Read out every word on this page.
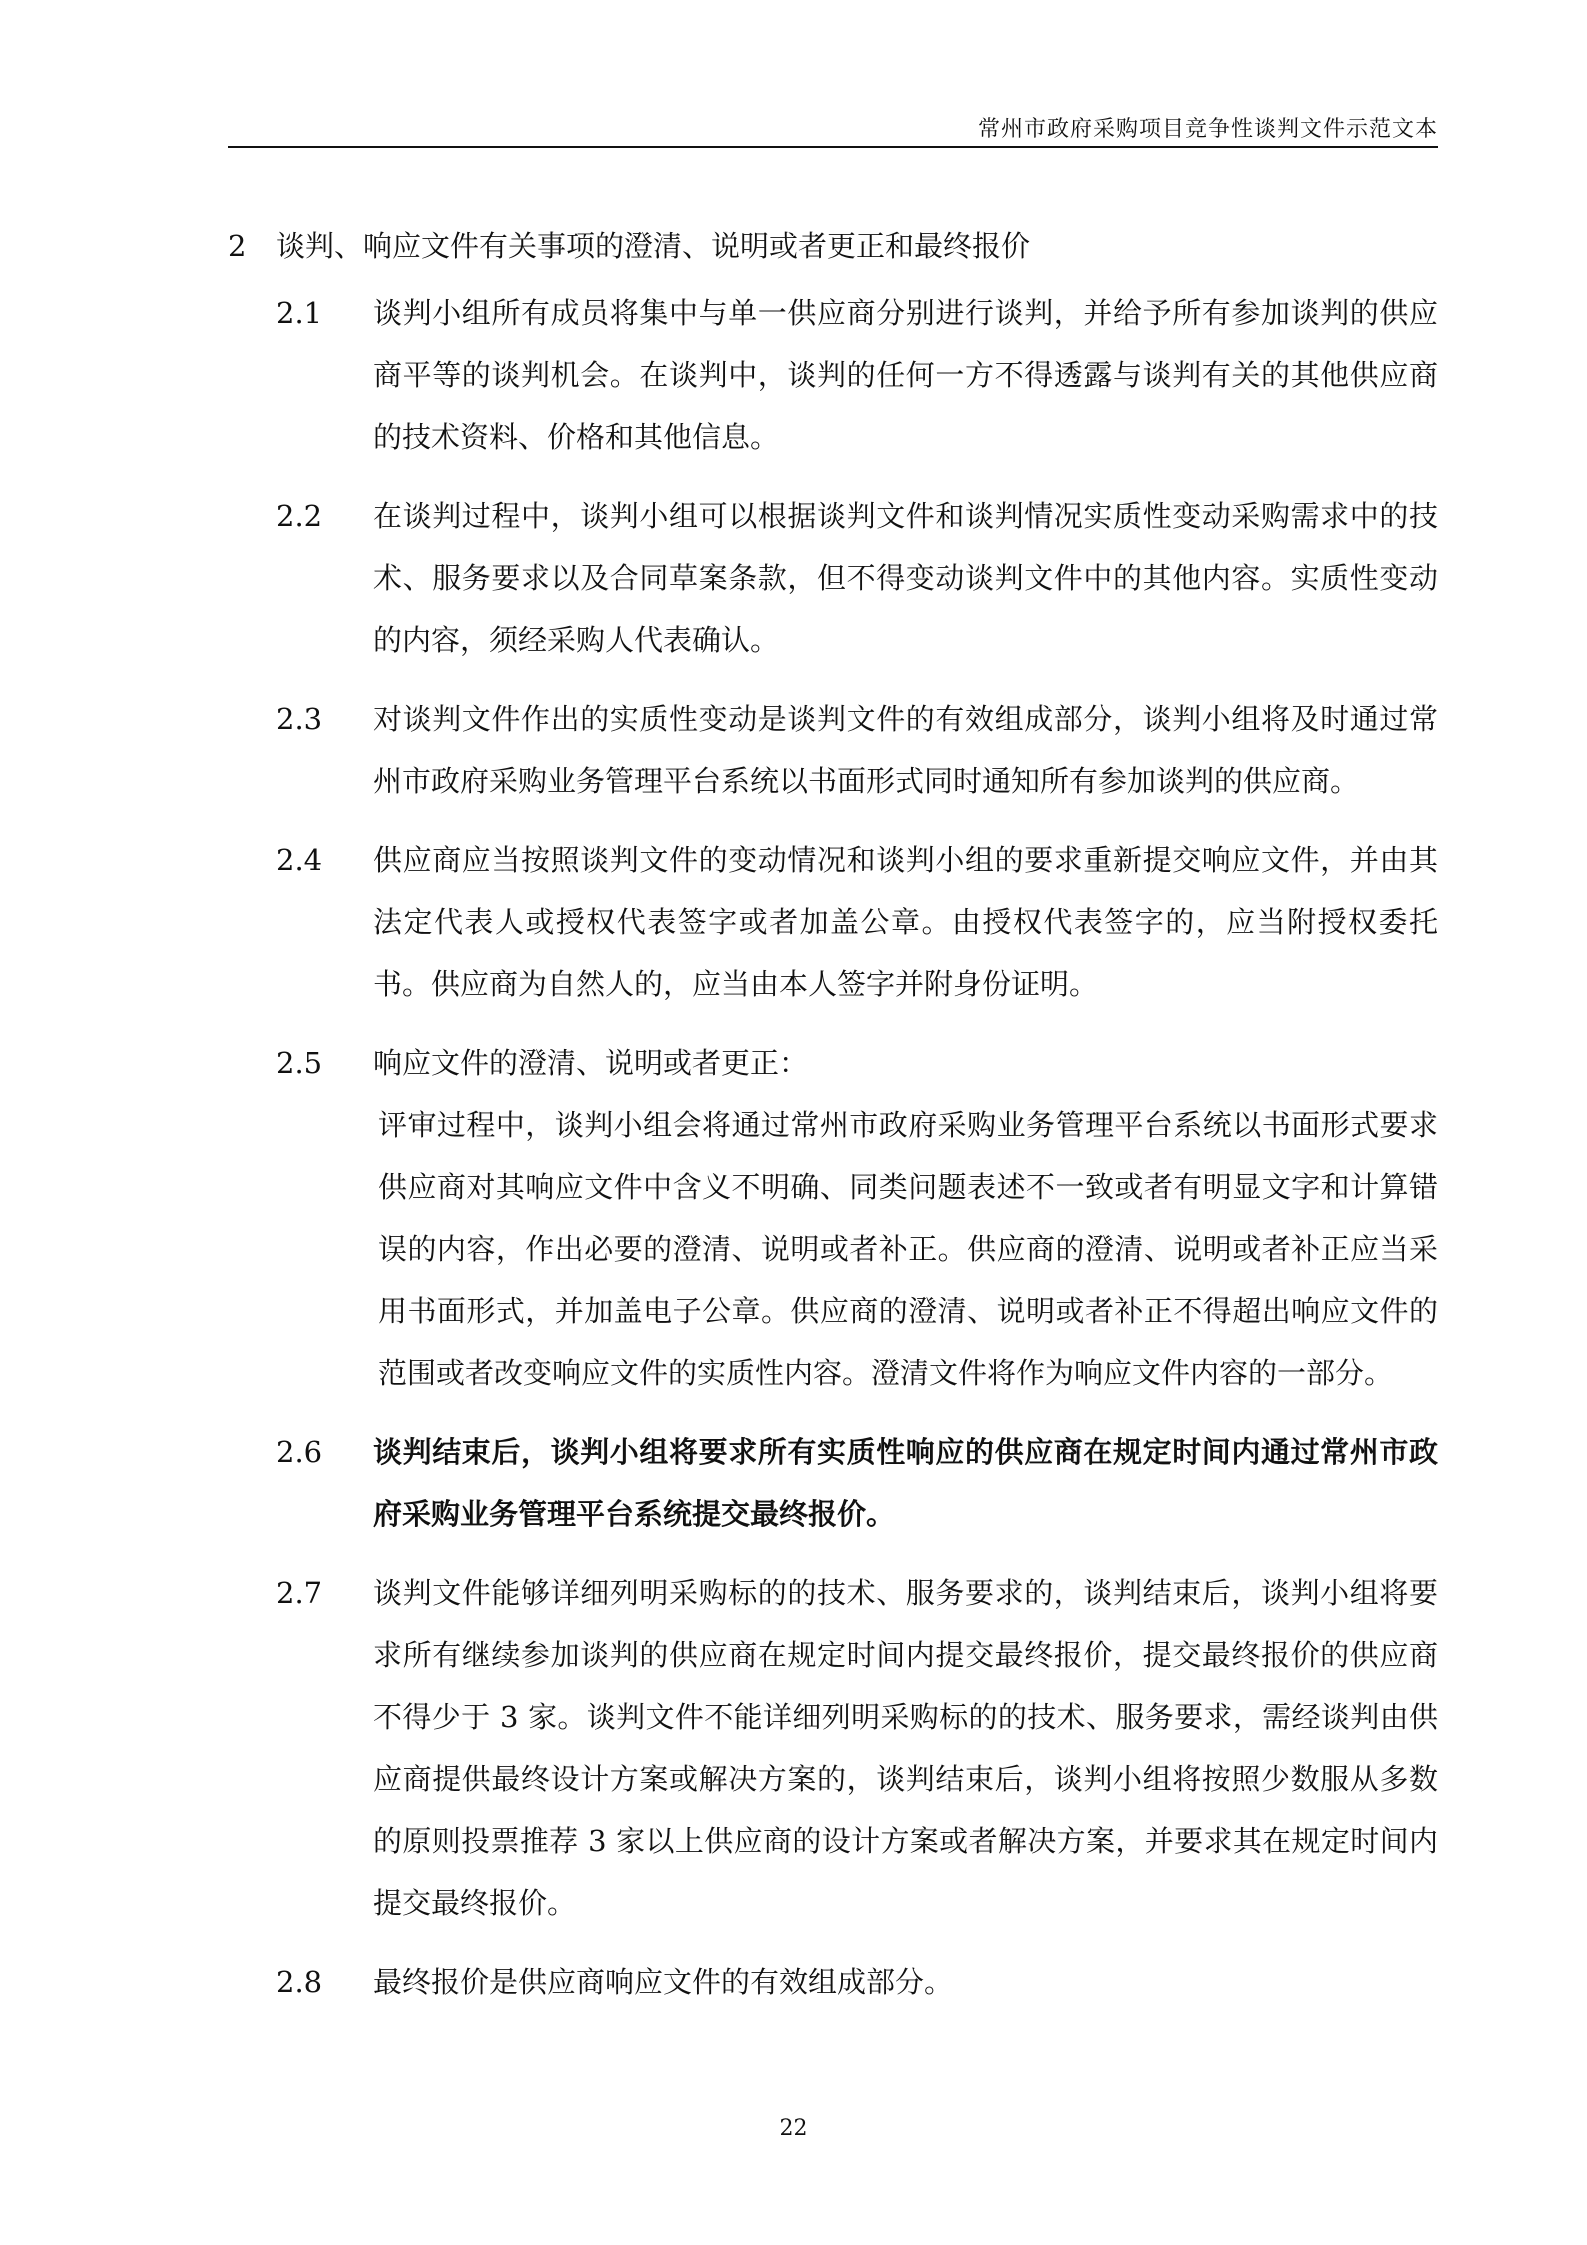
常州市政府采购项目竞争性谈判文件示范文本
2 谈判、响应文件有关事项的澄清、说明或者更正和最终报价
2.1 谈判小组所有成员将集中与单一供应商分别进行谈判，并给予所有参加谈判的供应商平等的谈判机会。在谈判中，谈判的任何一方不得透露与谈判有关的其他供应商的技术资料、价格和其他信息。
2.2 在谈判过程中，谈判小组可以根据谈判文件和谈判情况实质性变动采购需求中的技术、服务要求以及合同草案条款，但不得变动谈判文件中的其他内容。实质性变动的内容，须经采购人代表确认。
2.3 对谈判文件作出的实质性变动是谈判文件的有效组成部分，谈判小组将及时通过常州市政府采购业务管理平台系统以书面形式同时通知所有参加谈判的供应商。
2.4 供应商应当按照谈判文件的变动情况和谈判小组的要求重新提交响应文件，并由其法定代表人或授权代表签字或者加盖公章。由授权代表签字的，应当附授权委托书。供应商为自然人的，应当由本人签字并附身份证明。
2.5 响应文件的澄清、说明或者更正：
评审过程中，谈判小组会将通过常州市政府采购业务管理平台系统以书面形式要求供应商对其响应文件中含义不明确、同类问题表述不一致或者有明显文字和计算错误的内容，作出必要的澄清、说明或者补正。供应商的澄清、说明或者补正应当采用书面形式，并加盖电子公章。供应商的澄清、说明或者补正不得超出响应文件的范围或者改变响应文件的实质性内容。澄清文件将作为响应文件内容的一部分。
2.6 谈判结束后，谈判小组将要求所有实质性响应的供应商在规定时间内通过常州市政府采购业务管理平台系统提交最终报价。
2.7 谈判文件能够详细列明采购标的的技术、服务要求的，谈判结束后，谈判小组将要求所有继续参加谈判的供应商在规定时间内提交最终报价，提交最终报价的供应商不得少于 3 家。谈判文件不能详细列明采购标的的技术、服务要求，需经谈判由供应商提供最终设计方案或解决方案的，谈判结束后，谈判小组将按照少数服从多数的原则投票推荐 3 家以上供应商的设计方案或者解决方案，并要求其在规定时间内提交最终报价。
2.8 最终报价是供应商响应文件的有效组成部分。
22
